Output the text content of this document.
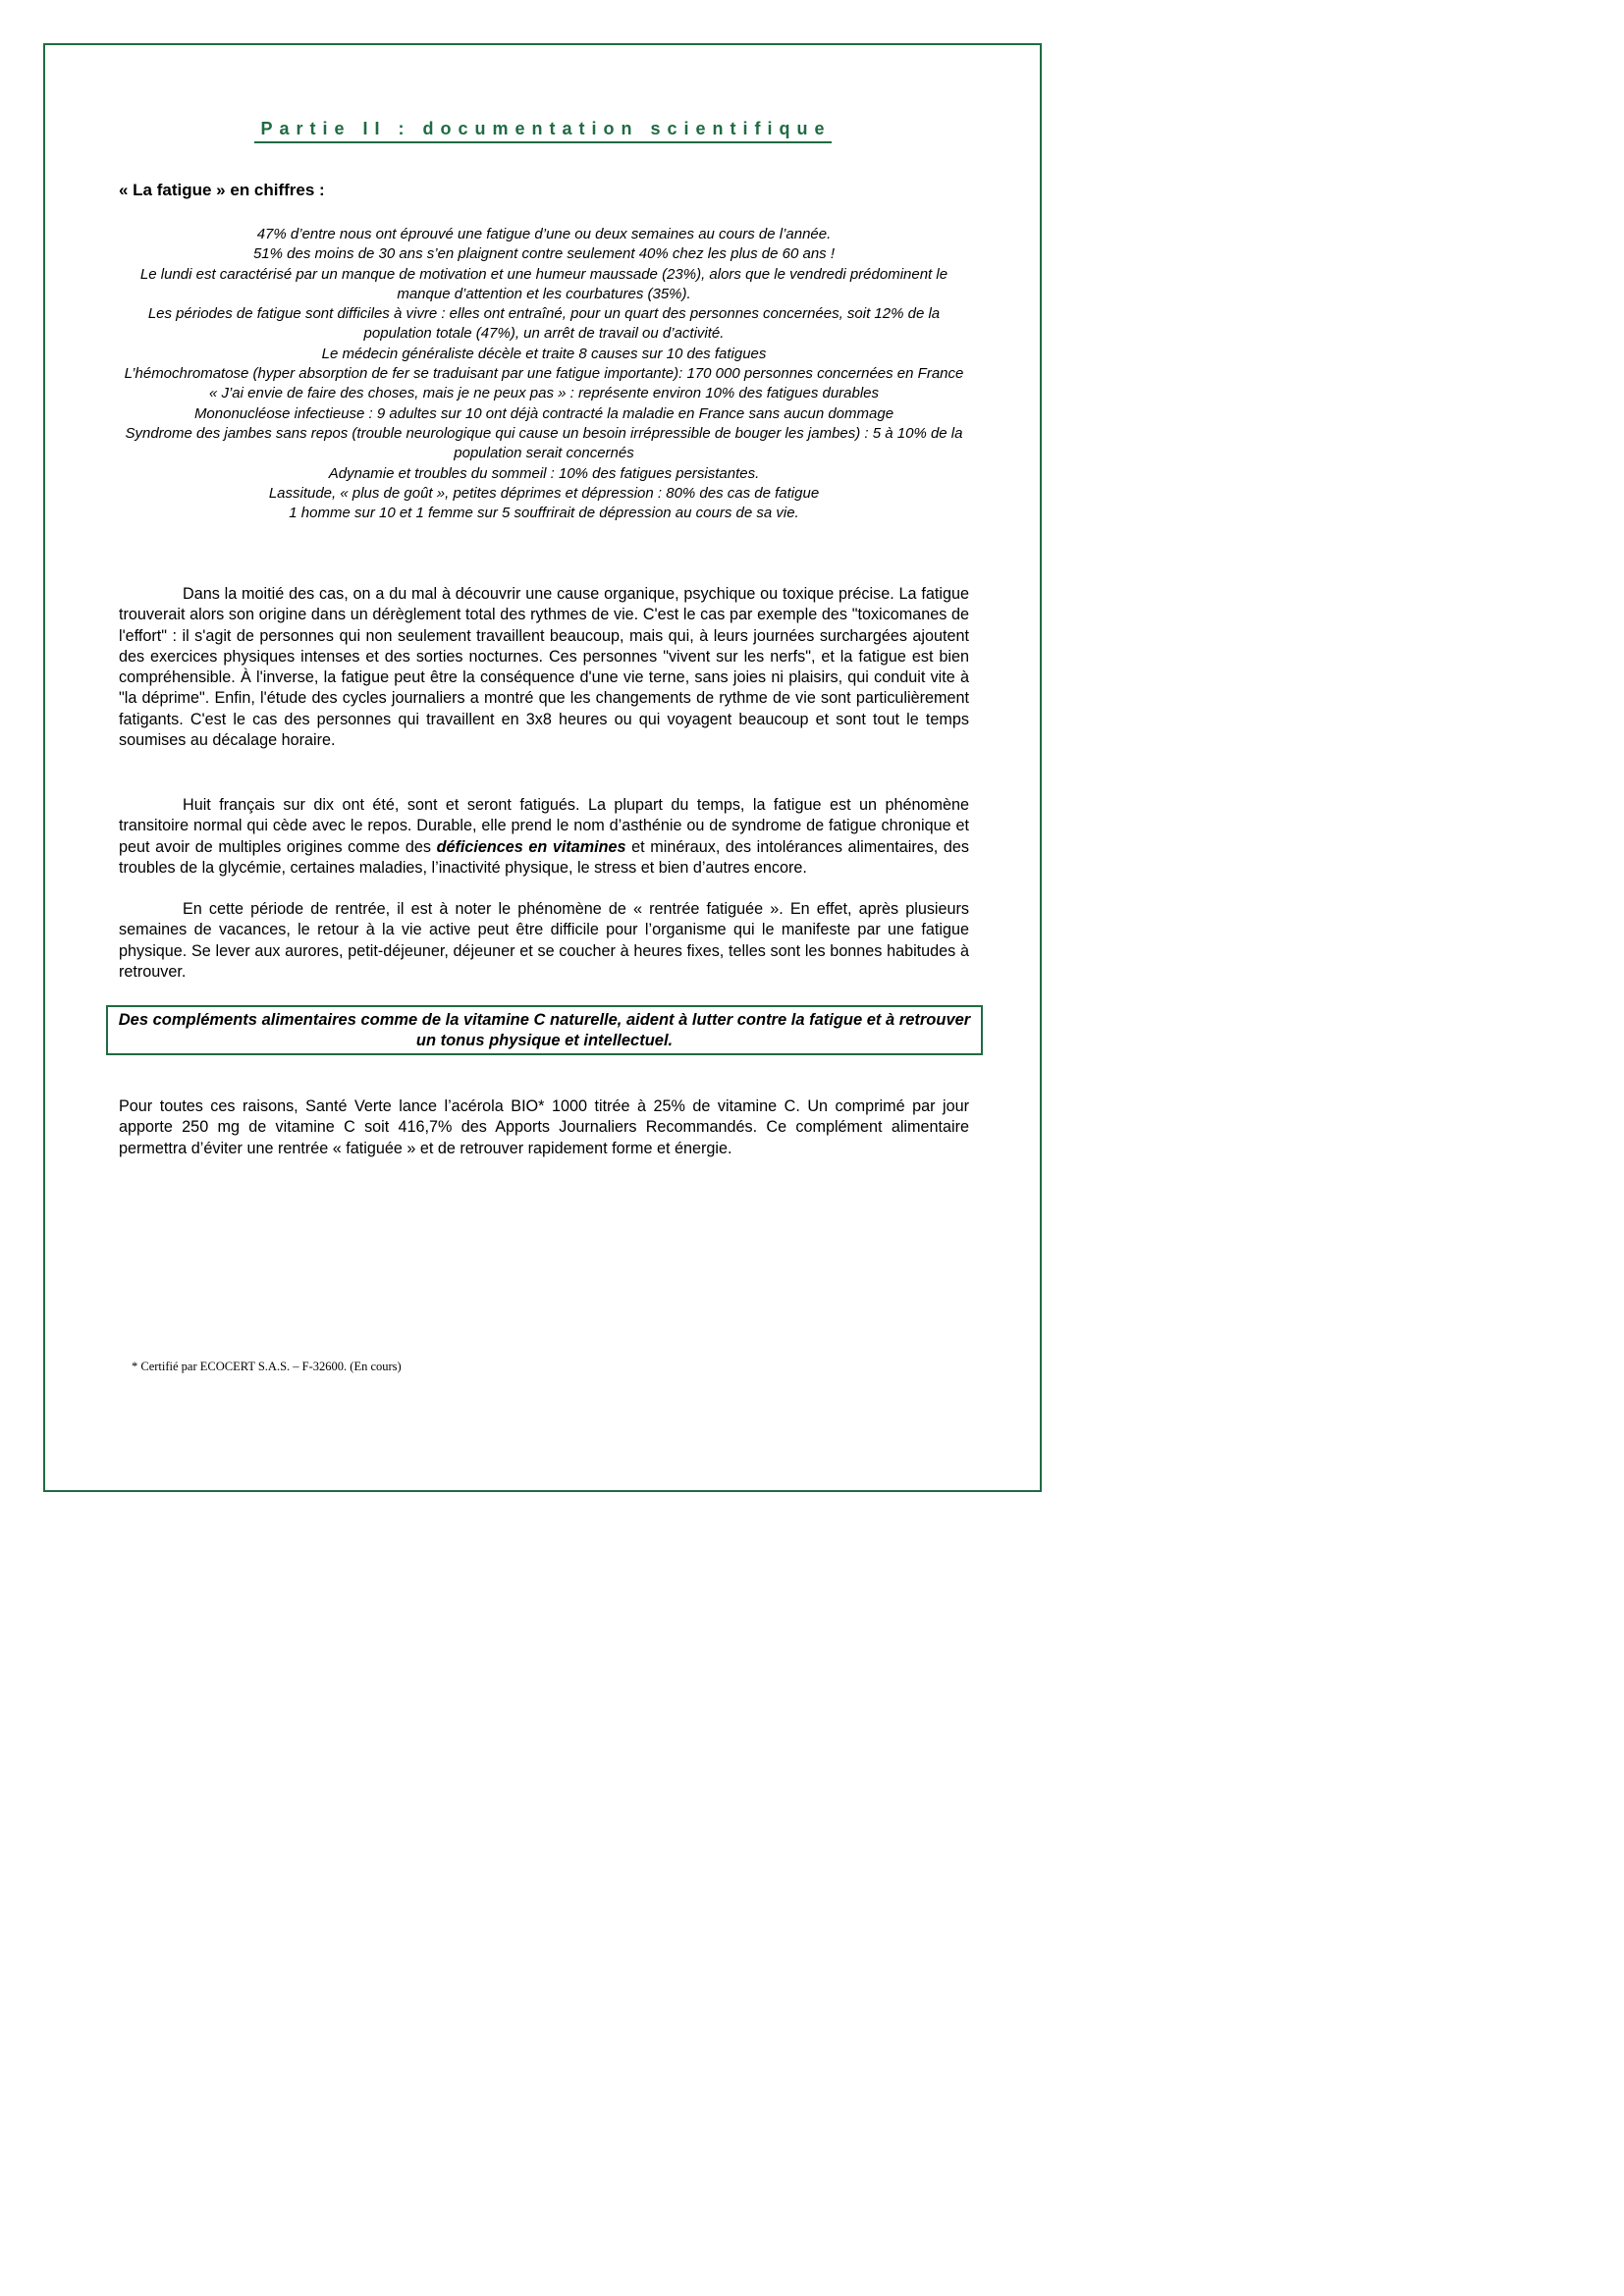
Partie II : documentation scientifique
« La fatigue » en chiffres :
47% d’entre nous ont éprouvé une fatigue d’une ou deux semaines au cours de l’année.
51% des moins de 30 ans s’en plaignent contre seulement 40% chez les plus de 60 ans !
Le lundi est caractérisé par un manque de motivation et une humeur maussade (23%), alors que le vendredi prédominent le manque d’attention et les courbatures (35%).
Les périodes de fatigue sont difficiles à vivre : elles ont entraîné, pour un quart des personnes concernées, soit 12% de la population totale (47%), un arrêt de travail ou d’activité.
Le médecin généraliste décèle et traite 8 causes sur 10 des fatigues
L’hémochromatose (hyper absorption de fer se traduisant par une fatigue importante): 170 000 personnes concernées en France
« J’ai envie de faire des choses, mais je ne peux pas » : représente environ 10% des fatigues durables
Mononucléose infectieuse : 9 adultes sur 10 ont déjà contracté la maladie en France sans aucun dommage
Syndrome des jambes sans repos (trouble neurologique qui cause un besoin irrépressible de bouger les jambes) : 5 à 10% de la population serait concernés
Adynamie et troubles du sommeil : 10% des fatigues persistantes.
Lassitude, « plus de goût », petites déprimes et dépression : 80% des cas de fatigue
1 homme sur 10 et 1 femme sur 5 souffrirait de dépression au cours de sa vie.

Dans la moitié des cas, on a du mal à découvrir une cause organique, psychique ou toxique précise. La fatigue trouverait alors son origine dans un dérèglement total des rythmes de vie. C'est le cas par exemple des "toxicomanes de l'effort" : il s'agit de personnes qui non seulement travaillent beaucoup, mais qui, à leurs journées surchargées ajoutent des exercices physiques intenses et des sorties nocturnes. Ces personnes "vivent sur les nerfs", et la fatigue est bien compréhensible. À l'inverse, la fatigue peut être la conséquence d'une vie terne, sans joies ni plaisirs, qui conduit vite à "la déprime". Enfin, l'étude des cycles journaliers a montré que les changements de rythme de vie sont particulièrement fatigants. C'est le cas des personnes qui travaillent en 3x8 heures ou qui voyagent beaucoup et sont tout le temps soumises au décalage horaire.

Huit français sur dix ont été, sont et seront fatigués. La plupart du temps, la fatigue est un phénomène transitoire normal qui cède avec le repos. Durable, elle prend le nom d’asthénie ou de syndrome de fatigue chronique et peut avoir de multiples origines comme des déficiences en vitamines et minéraux, des intolérances alimentaires, des troubles de la glycémie, certaines maladies, l’inactivité physique, le stress et bien d’autres encore.

En cette période de rentrée, il est à noter le phénomène de « rentrée fatiguée ». En effet, après plusieurs semaines de vacances, le retour à la vie active peut être difficile pour l’organisme qui le manifeste par une fatigue physique. Se lever aux aurores, petit-déjeuner, déjeuner et se coucher à heures fixes, telles sont les bonnes habitudes à retrouver.

Des compléments alimentaires comme de la vitamine C naturelle, aident à lutter contre la fatigue et à retrouver un tonus physique et intellectuel.

Pour toutes ces raisons, Santé Verte lance l’acérola BIO* 1000 titrée à 25% de vitamine C. Un comprimé par jour apporte 250 mg de vitamine C soit 416,7% des Apports Journaliers Recommandés. Ce complément alimentaire permettra d’éviter une rentrée « fatiguée » et de retrouver rapidement forme et énergie.

* Certifié par ECOCERT S.A.S. – F-32600. (En cours)
